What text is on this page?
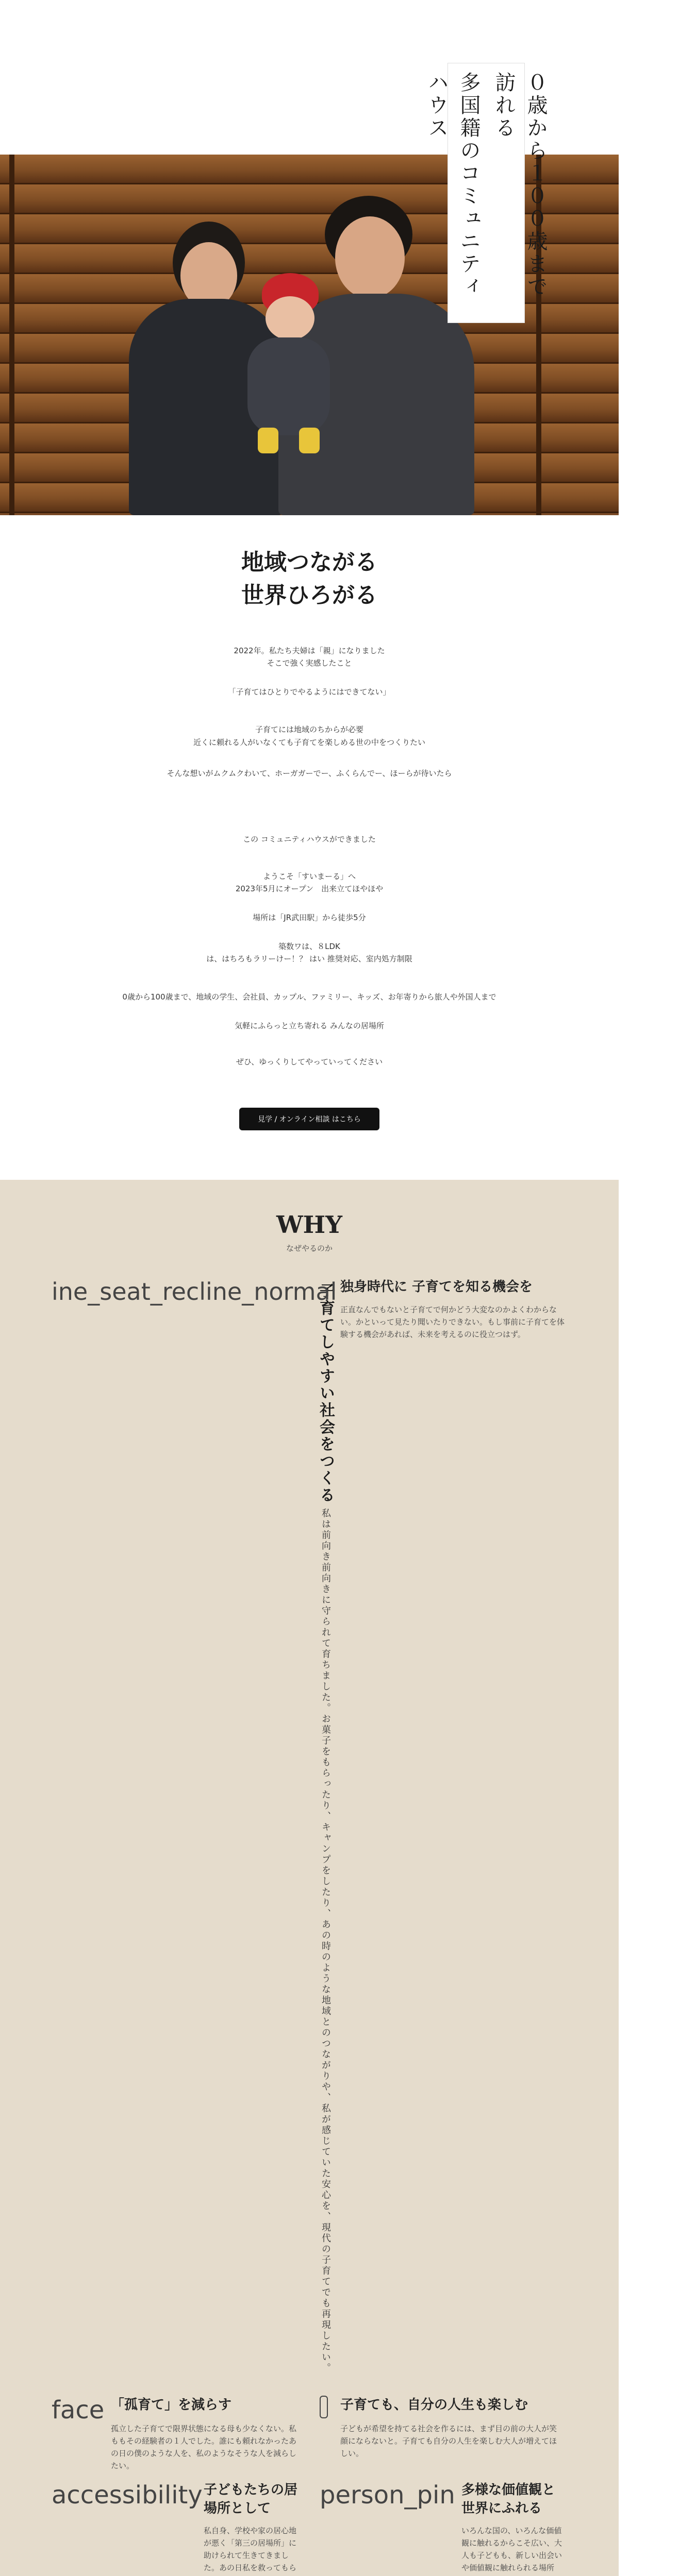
０歳から１００歳まで訪れる
多国籍のコミュニティハウス
地域つながる
世界ひろがる
2022年。私たち夫婦は「親」になりました
そこで強く実感したこと
「子育てはひとりでやるようにはできてない」
子育てには地域のちからが必要
近くに頼れる人がいなくても子育てを楽しめる世の中をつくりたい
そんな想いがムクムクわいて、ホーガガーでー、ふくらんでー、ほーらが待いたら
この コミュニティハウスができました
ようこそ「すいまーる」へ
2023年5月にオープン　出来立てほやほや
場所は「JR武田駅」から徒歩5分
築数ワは、８LDK
は、はちろもラリーけー！？ はい 推奨対応、室内処方制限
0歳から100歳まで、地域の学生、会社員、カップル、ファミリー、キッズ、お年寄りから旅人や外国人まで
気軽にふらっと立ち寄れる みんなの居場所
ぜひ、ゆっくりしてやっていってください
見学 / オンライン相談 はこちら
WHY
なぜやるのか
子育てしやすい社会をつくる 私は前向き前向きに守られて育ちました。お菓子をもらったり、キャンプをしたり、あの時のような地域とのつながりや、私が感じていた安心を、現代の子育てでも再現したい。
ine_seat_recline_normal 独身時代に 子育てを知る機会を
正直なんでもないと子育てで何かどう大変なのかよくわからない。かといって見たり聞いたりできない。もし事前に子育てを体験する機会があれば、未来を考えるのに役立つはず。
face 「孤育て」を減らす
孤立した子育てで限界状態になる母も少なくない。私ももその経験者の１人でした。誰にも頼れなかったあの日の僕のような人を、私のようなそうな人を減らしたい。
子育ても、自分の人生も楽しむ
子どもが希望を持てる社会を作るには、まず目の前の大人が笑顔にならないと。子育ても自分の人生を楽しむ大人が増えてほしい。
accessibility 子どもたちの居場所として
私自身、学校や家の居心地が悪く「第三の居場所」に助けられて生きてきました。あの日私を救ってもら
person_pin 多様な価値観と 世界にふれる
いろんな国の、いろんな価値観に触れるからこそ広い、大人も子どもも、新しい出会いや価値観に触れられる場所
